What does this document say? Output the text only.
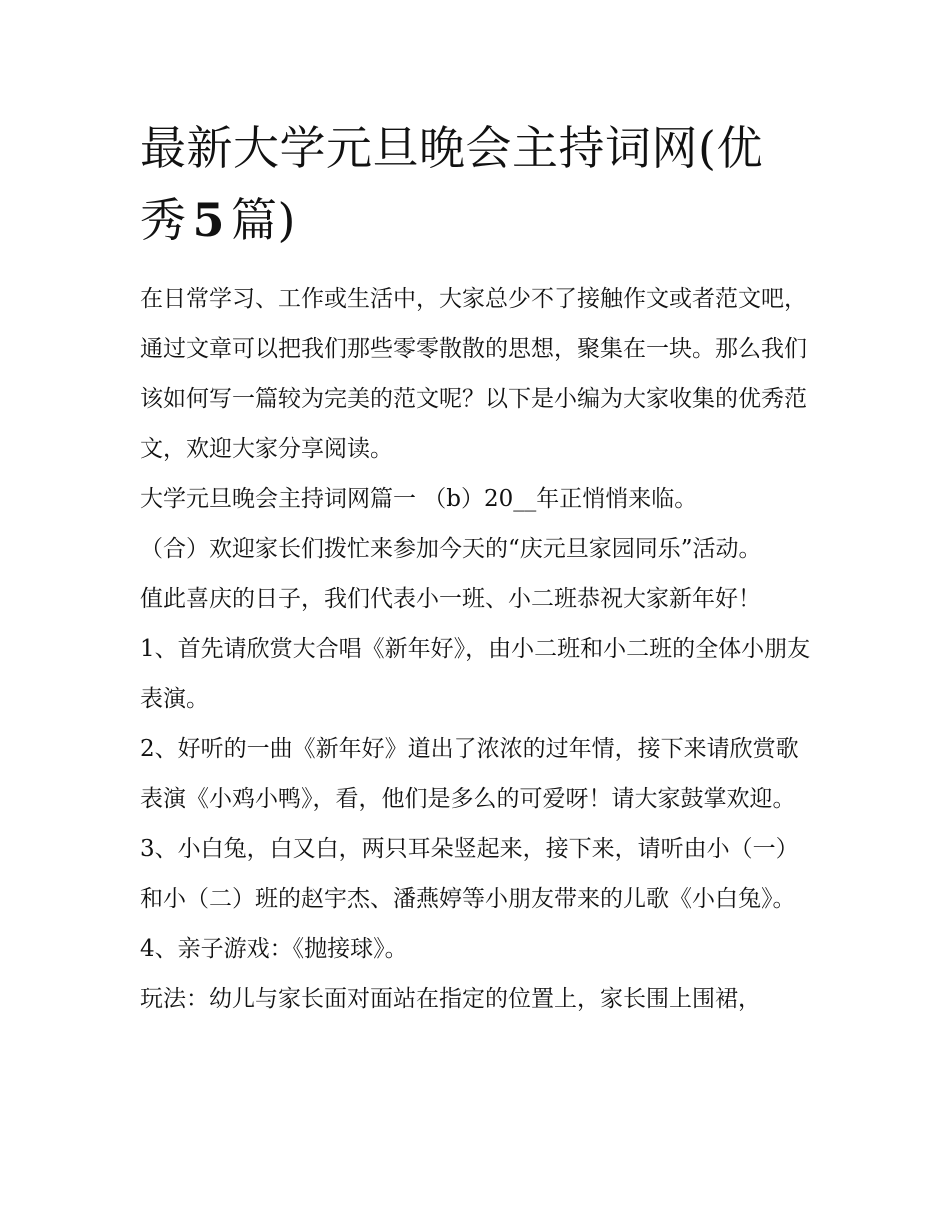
最新大学元旦晚会主持词网(优
秀 5 篇)

在日常学习、工作或生活中，大家总少不了接触作文或者范文吧，通过文章可以把我们那些零零散散的思想，聚集在一块。那么我们该如何写一篇较为完美的范文呢？以下是小编为大家收集的优秀范文，欢迎大家分享阅读。

大学元旦晚会主持词网篇一 （b）20__年正悄悄来临。

（合）欢迎家长们拨忙来参加今天的“庆元旦家园同乐”活动。

值此喜庆的日子，我们代表小一班、小二班恭祝大家新年好！

1、首先请欣赏大合唱《新年好》，由小二班和小二班的全体小朋友表演。

2、好听的一曲《新年好》道出了浓浓的过年情，接下来请欣赏歌表演《小鸡小鸭》，看，他们是多么的可爱呀！请大家鼓掌欢迎。

3、小白兔，白又白，两只耳朵竖起来，接下来，请听由小（一）和小（二）班的赵宇杰、潘燕婷等小朋友带来的儿歌《小白兔》。 4、亲子游戏：《抛接球》。

玩法：幼儿与家长面对面站在指定的位置上，家长围上围裙，
